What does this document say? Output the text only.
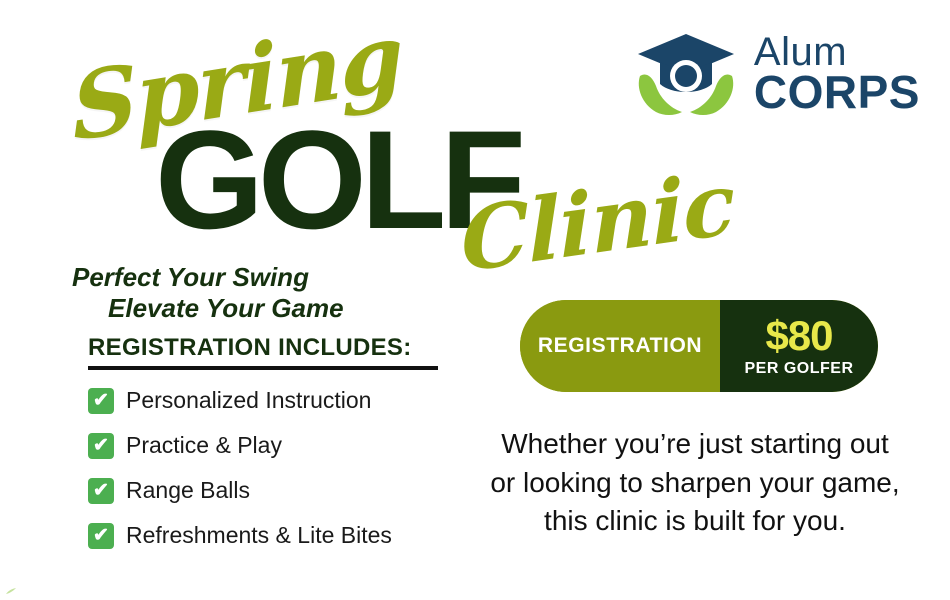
Alum
CORPS
Spring
GOLF
Clinic
Perfect Your Swing
Elevate Your Game
REGISTRATION INCLUDES:
✔ Personalized Instruction
✔ Practice & Play
✔ Range Balls
✔ Refreshments & Lite Bites
REGISTRATION $80
PER GOLFER
Whether you’re just starting out
or looking to sharpen your game,
this clinic is built for you.
